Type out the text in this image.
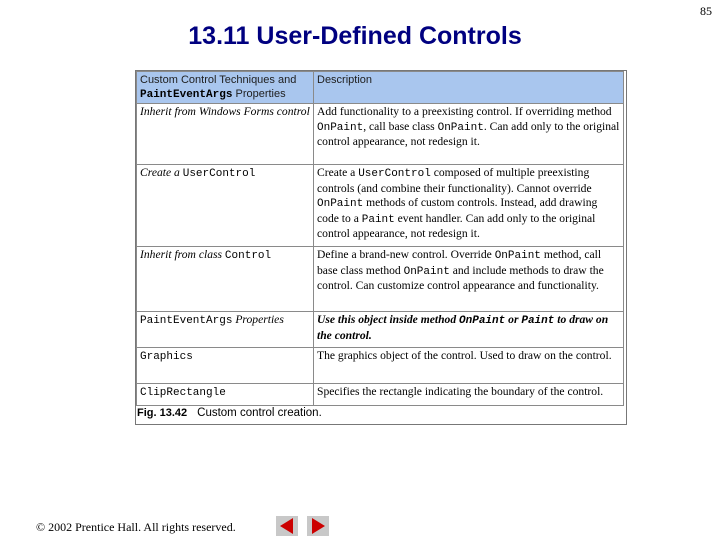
85
13.11 User-Defined Controls
Custom Control Techniques and
PaintEventArgs Properties	Description
Inherit from Windows Forms control	Add functionality to a preexisting control. If overriding method OnPaint, call base class OnPaint. Can add only to the original control appearance, not redesign it.
Create a UserControl	Create a UserControl composed of multiple preexisting controls (and combine their functionality). Cannot override OnPaint methods of custom controls. Instead, add drawing code to a Paint event handler. Can add only to the original control appearance, not redesign it.
Inherit from class Control	Define a brand-new control. Override OnPaint method, call base class method OnPaint and include methods to draw the control. Can customize control appearance and functionality.
PaintEventArgs Properties	Use this object inside method OnPaint or Paint to draw on the control.
Graphics	The graphics object of the control. Used to draw on the control.
ClipRectangle	Specifies the rectangle indicating the boundary of the control.
Fig. 13.42 Custom control creation.
© 2002 Prentice Hall. All rights reserved.
